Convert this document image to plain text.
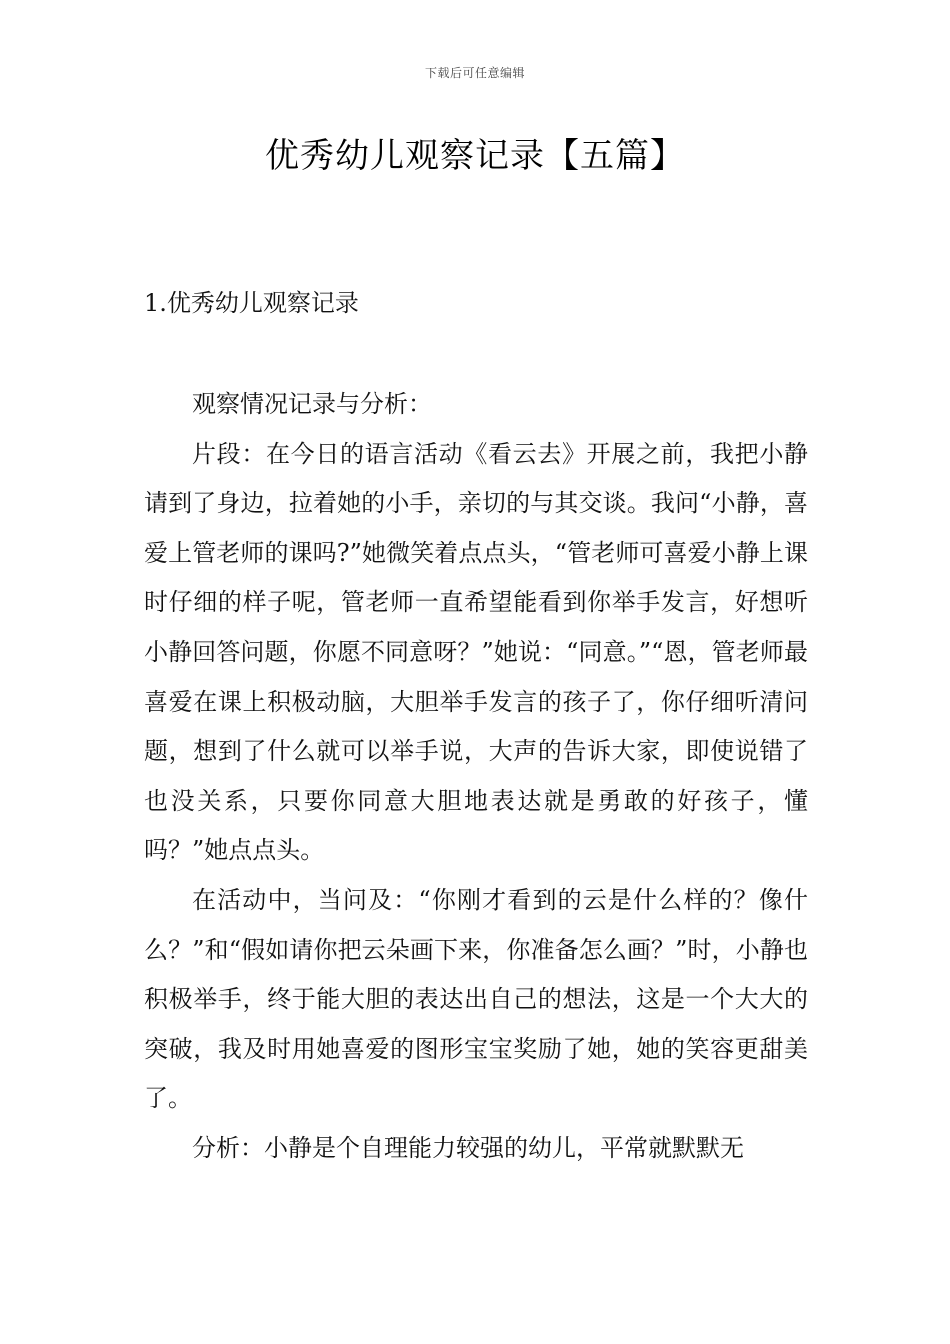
下载后可任意编辑
优秀幼儿观察记录【五篇】
1.优秀幼儿观察记录

观察情况记录与分析：

片段：在今日的语言活动《看云去》开展之前，我把小静请到了身边，拉着她的小手，亲切的与其交谈。我问“小静，喜爱上管老师的课吗?”她微笑着点点头，“管老师可喜爱小静上课时仔细的样子呢，管老师一直希望能看到你举手发言，好想听小静回答问题，你愿不同意呀？”她说：“同意。”“恩，管老师最喜爱在课上积极动脑，大胆举手发言的孩子了，你仔细听清问题，想到了什么就可以举手说，大声的告诉大家，即使说错了也没关系，只要你同意大胆地表达就是勇敢的好孩子，懂吗？”她点点头。

在活动中，当问及：“你刚才看到的云是什么样的？像什么？”和“假如请你把云朵画下来，你准备怎么画？”时，小静也积极举手，终于能大胆的表达出自己的想法，这是一个大大的突破，我及时用她喜爱的图形宝宝奖励了她，她的笑容更甜美了。

分析：小静是个自理能力较强的幼儿，平常就默默无
